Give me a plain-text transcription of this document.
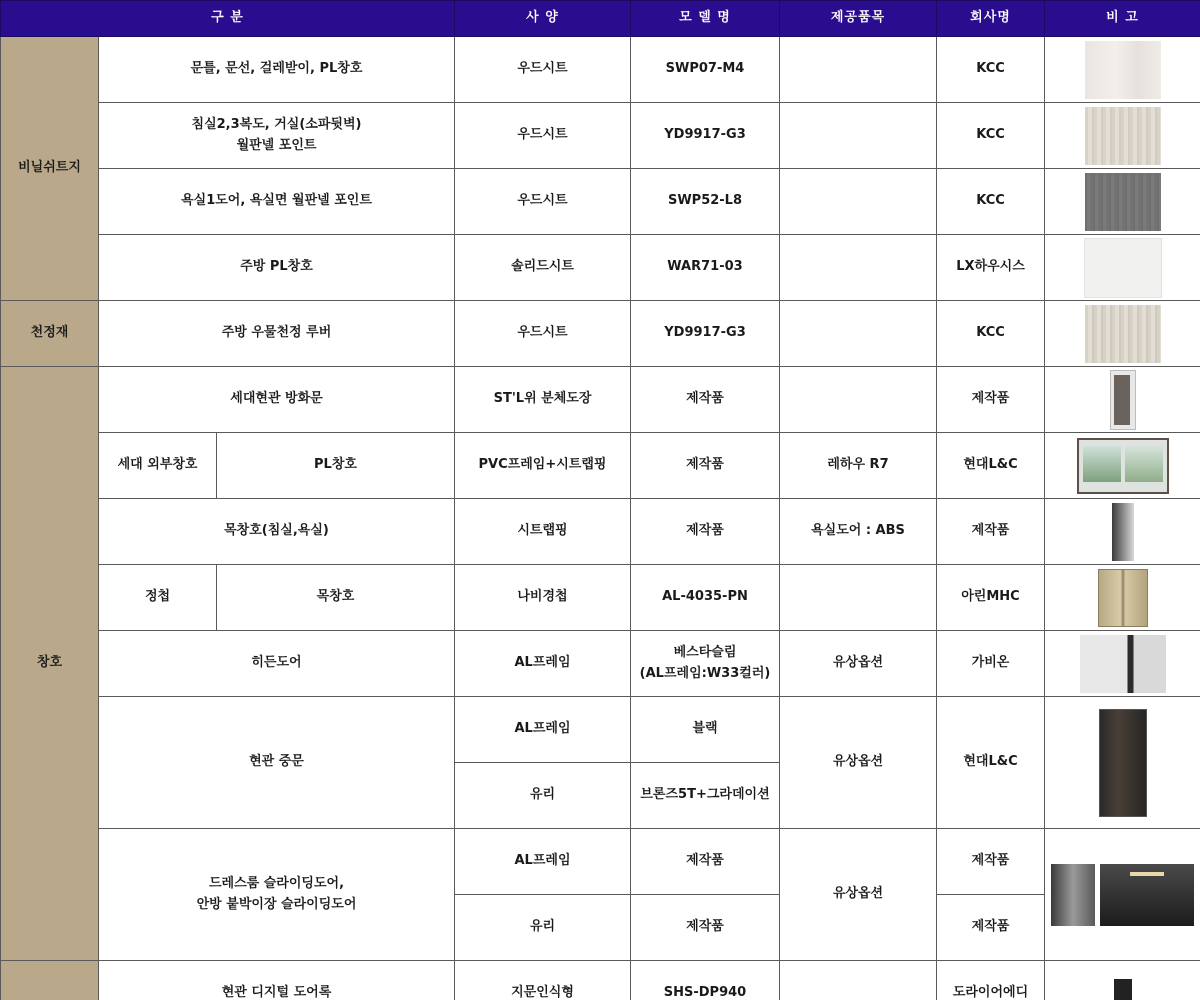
구 분			사 양	모 델 명	제공품목	회사명	비 고
비닐쉬트지	문틀, 문선, 걸레받이, PL창호		우드시트	SWP07-M4		KCC	

	침실2,3복도, 거실(소파뒷벽)
월판넬 포인트		우드시트	YD9917-G3		KCC	
	욕실1도어, 욕실면 월판넬 포인트		우드시트	SWP52-L8		KCC	
	주방 PL창호		솔리드시트	WAR71-03		LX하우시스	
천정재	주방 우물천정 루버		우드시트	YD9917-G3		KCC	
창호	세대현관 방화문		ST'L위 분체도장	제작품		제작품	
	세대 외부창호	PL창호	PVC프레임+시트랩핑	제작품	레하우 R7	현대L&C	
	목창호(침실,욕실)		시트랩핑	제작품	욕실도어 : ABS	제작품	
	정첩	목창호	나비경첩	AL-4035-PN		아린MHC	
	히든도어		AL프레임	베스타슬림
(AL프레임:W33컬러)	유상옵션	가비온	
	현관 중문		AL프레임	블랙	유상옵션	현대L&C	
			유리	브론즈5T+그라데이션			

	드레스룸 슬라이딩도어,
안방 붙박이장 슬라이딩도어		AL프레임	제작품	유상옵션	제작품	
			유리	제작품		제작품	
	현관 디지털 도어록		지문인식형	SHS-DP940		도라이어에디	
